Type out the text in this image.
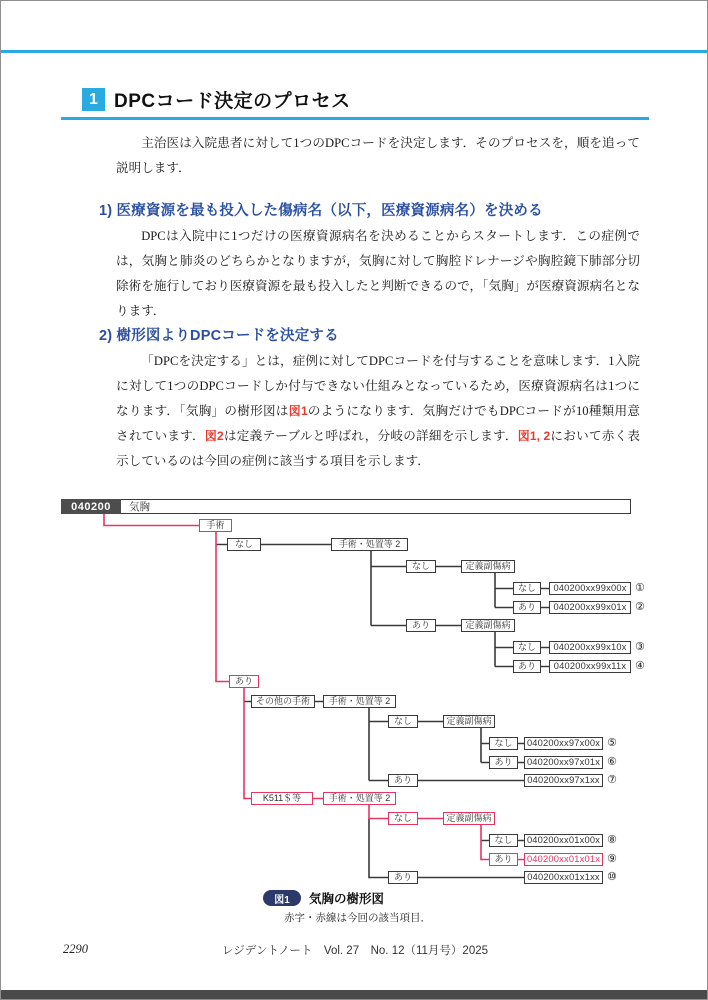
1 DPCコード決定のプロセス

主治医は入院患者に対して1つのDPCコードを決定します．そのプロセスを，順を追って説明します．

1) 医療資源を最も投入した傷病名（以下，医療資源病名）を決める

DPCは入院中に1つだけの医療資源病名を決めることからスタートします．この症例では，気胸と肺炎のどちらかとなりますが，気胸に対して胸腔ドレナージや胸腔鏡下肺部分切除術を施行しており医療資源を最も投入したと判断できるので，「気胸」が医療資源病名となります．

2) 樹形図よりDPCコードを決定する

「DPCを決定する」とは，症例に対してDPCコードを付与することを意味します．1入院に対して1つのDPCコードしか付与できない仕組みとなっているため，医療資源病名は1つになります．「気胸」の樹形図は図1のようになります．気胸だけでもDPCコードが10種類用意されています．図2は定義テーブルと呼ばれ，分岐の詳細を示します．図1, 2において赤く表示しているのは今回の症例に該当する項目を示します．

040200	気胸
手術
なし	手術・処置等 2
なし	定義副傷病
なし	040200xx99x00x ①
あり	040200xx99x01x ②
あり	定義副傷病
なし	040200xx99x10x ③
あり	040200xx99x11x ④
あり
その他の手術	手術・処置等 2
なし	定義副傷病
なし	040200xx97x00x ⑤
あり	040200xx97x01x ⑥
あり	040200xx97x1xx ⑦
K511＄等	手術・処置等 2
なし	定義副傷病
なし	040200xx01x00x ⑧
あり	040200xx01x01x ⑨
あり	040200xx01x1xx ⑩
図1	気胸の樹形図
赤字・赤線は今回の該当項目．
レジデントノート　Vol. 27　No. 12（11月号）2025
2290
